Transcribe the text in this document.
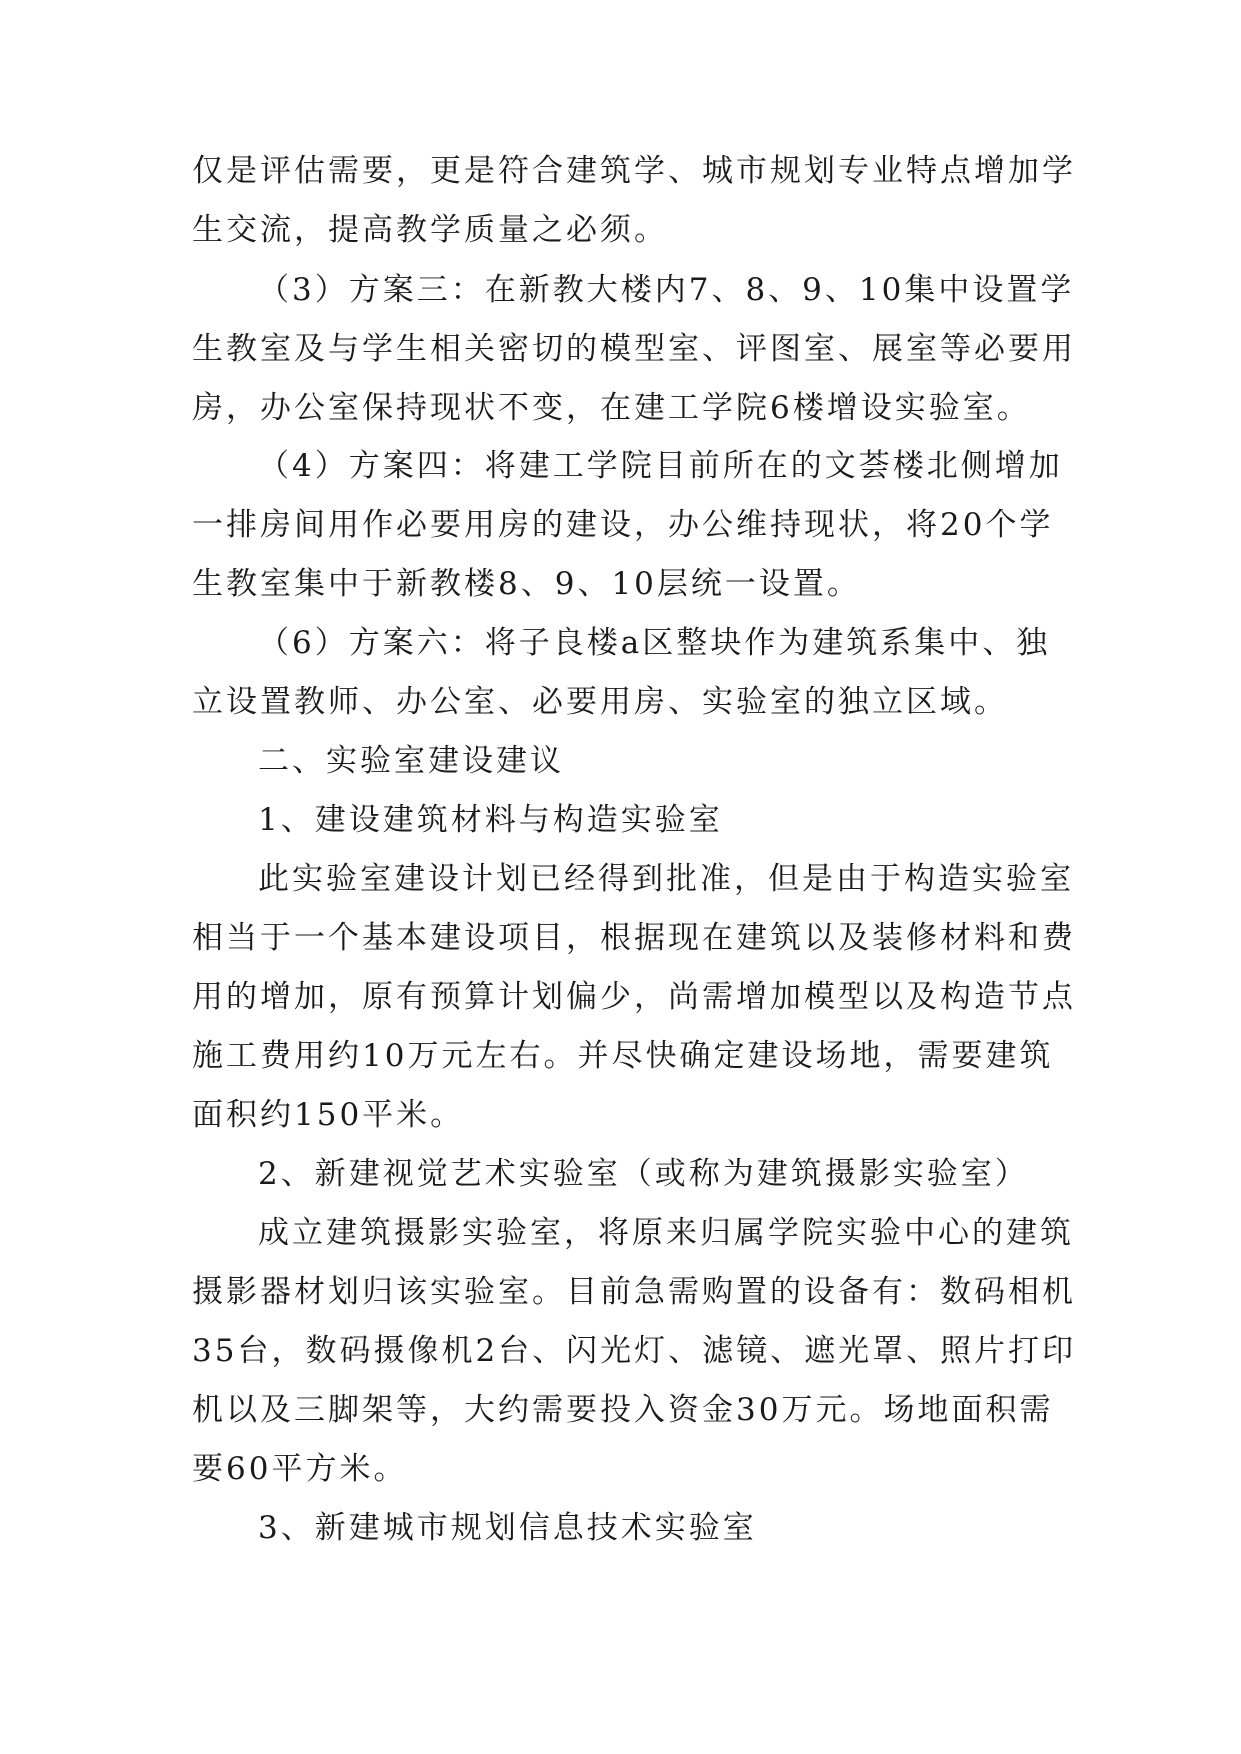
仅是评估需要，更是符合建筑学、城市规划专业特点增加学
生交流，提高教学质量之必须。
（3）方案三：在新教大楼内7、8、9、10集中设置学
生教室及与学生相关密切的模型室、评图室、展室等必要用
房，办公室保持现状不变，在建工学院6楼增设实验室。
（4）方案四：将建工学院目前所在的文荟楼北侧增加
一排房间用作必要用房的建设，办公维持现状，将20个学
生教室集中于新教楼8、9、10层统一设置。
（6）方案六：将子良楼a区整块作为建筑系集中、独
立设置教师、办公室、必要用房、实验室的独立区域。
二、实验室建设建议
1、建设建筑材料与构造实验室
此实验室建设计划已经得到批准，但是由于构造实验室
相当于一个基本建设项目，根据现在建筑以及装修材料和费
用的增加，原有预算计划偏少，尚需增加模型以及构造节点
施工费用约10万元左右。并尽快确定建设场地，需要建筑
面积约150平米。
2、新建视觉艺术实验室（或称为建筑摄影实验室）
成立建筑摄影实验室，将原来归属学院实验中心的建筑
摄影器材划归该实验室。目前急需购置的设备有：数码相机
35台，数码摄像机2台、闪光灯、滤镜、遮光罩、照片打印
机以及三脚架等，大约需要投入资金30万元。场地面积需
要60平方米。
3、新建城市规划信息技术实验室
